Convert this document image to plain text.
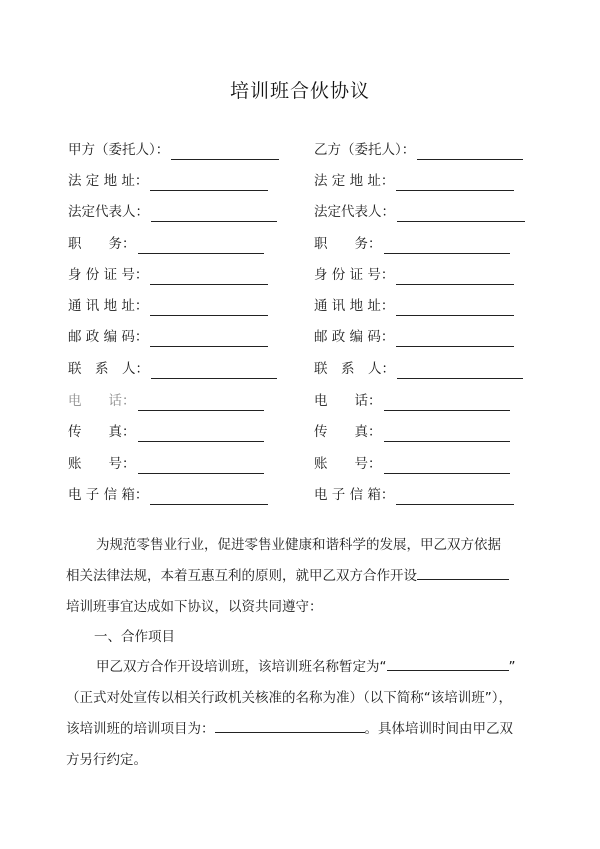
培训班合伙协议
甲方（委托人）：	乙方（委托人）：
法 定 地 址：	法 定 地 址：
法定代表人：	法定代表人：
职　　务：	职　　务：
身 份 证 号：	身 份 证 号：
通 讯 地 址：	通 讯 地 址：
邮 政 编 码：	邮 政 编 码：
联　系　人：	联　系　人：
电　　话：	电　　话：
传　　真：	传　　真：
账　　号：	账　　号：
电 子 信 箱：	电 子 信 箱：
为规范零售业行业，促进零售业健康和谐科学的发展，甲乙双方依据
相关法律法规，本着互惠互利的原则，就甲乙双方合作开设
培训班事宜达成如下协议，以资共同遵守：
一、合作项目
甲乙双方合作开设培训班，该培训班名称暂定为“	”
（正式对处宣传以相关行政机关核准的名称为准）（以下简称“该培训班”），
该培训班的培训项目为：	。具体培训时间由甲乙双
方另行约定。
